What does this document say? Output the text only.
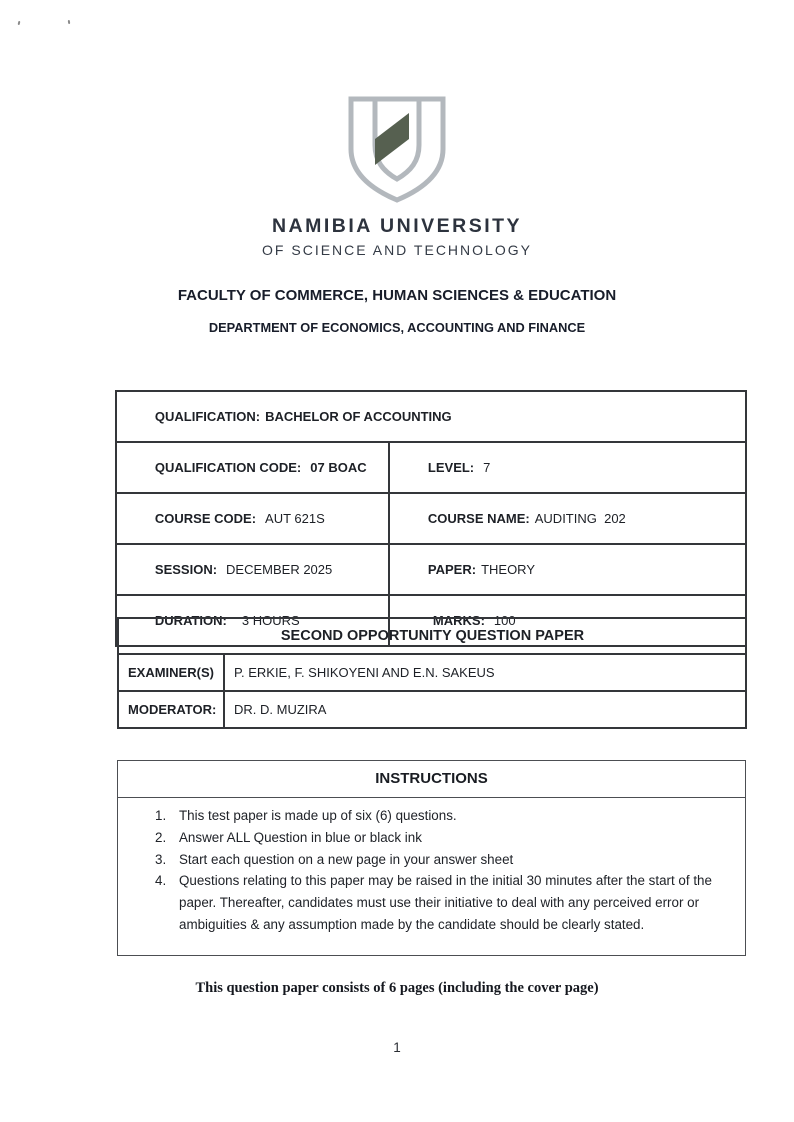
NAMIBIA UNIVERSITY
OF SCIENCE AND TECHNOLOGY
FACULTY OF COMMERCE, HUMAN SCIENCES & EDUCATION
DEPARTMENT OF ECONOMICS, ACCOUNTING AND FINANCE

QUALIFICATION: BACHELOR OF ACCOUNTING	

QUALIFICATION CODE: 07 BOAC	LEVEL: 7

COURSE CODE: AUT 621S	COURSE NAME: AUDITING  202

SESSION: DECEMBER 2025	PAPER: THEORY

DURATION: 3 HOURS	MARKS: 100

SECOND OPPORTUNITY QUESTION PAPER	
EXAMINER(S)	P. ERKIE, F. SHIKOYENI AND E.N. SAKEUS
MODERATOR:	DR. D. MUZIRA
INSTRUCTIONS
This test paper is made up of six (6) questions.
Answer ALL Question in blue or black ink
Start each question on a new page in your answer sheet
Questions relating to this paper may be raised in the initial 30 minutes after the start of the paper. Thereafter, candidates must use their initiative to deal with any perceived error or ambiguities & any assumption made by the candidate should be clearly stated.
This question paper consists of 6 pages (including the cover page)
1
